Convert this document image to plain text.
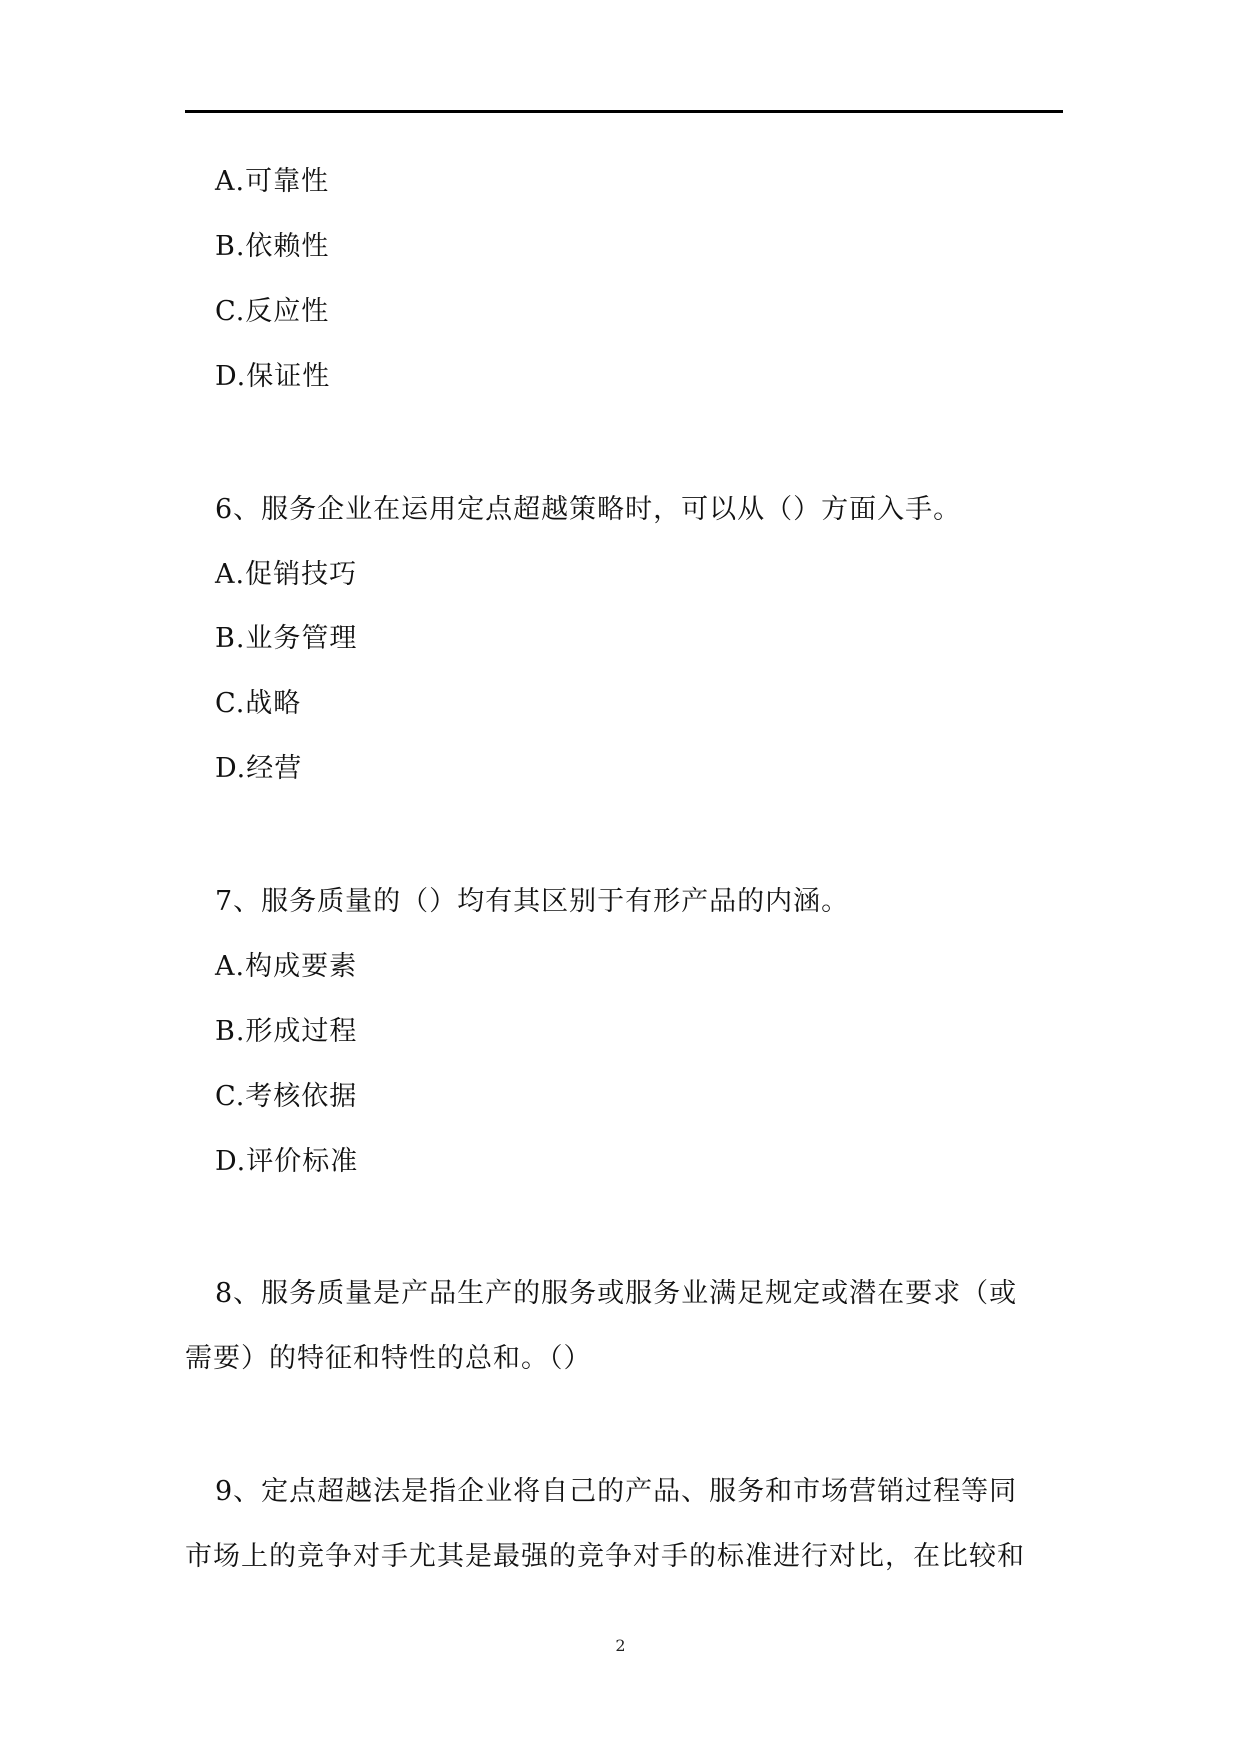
A.可靠性
B.依赖性
C.反应性
D.保证性
6、服务企业在运用定点超越策略时，可以从（）方面入手。
A.促销技巧
B.业务管理
C.战略
D.经营
7、服务质量的（）均有其区别于有形产品的内涵。
A.构成要素
B.形成过程
C.考核依据
D.评价标准
8、服务质量是产品生产的服务或服务业满足规定或潜在要求（或
需要）的特征和特性的总和。（）
9、定点超越法是指企业将自己的产品、服务和市场营销过程等同
市场上的竞争对手尤其是最强的竞争对手的标准进行对比，在比较和
2
